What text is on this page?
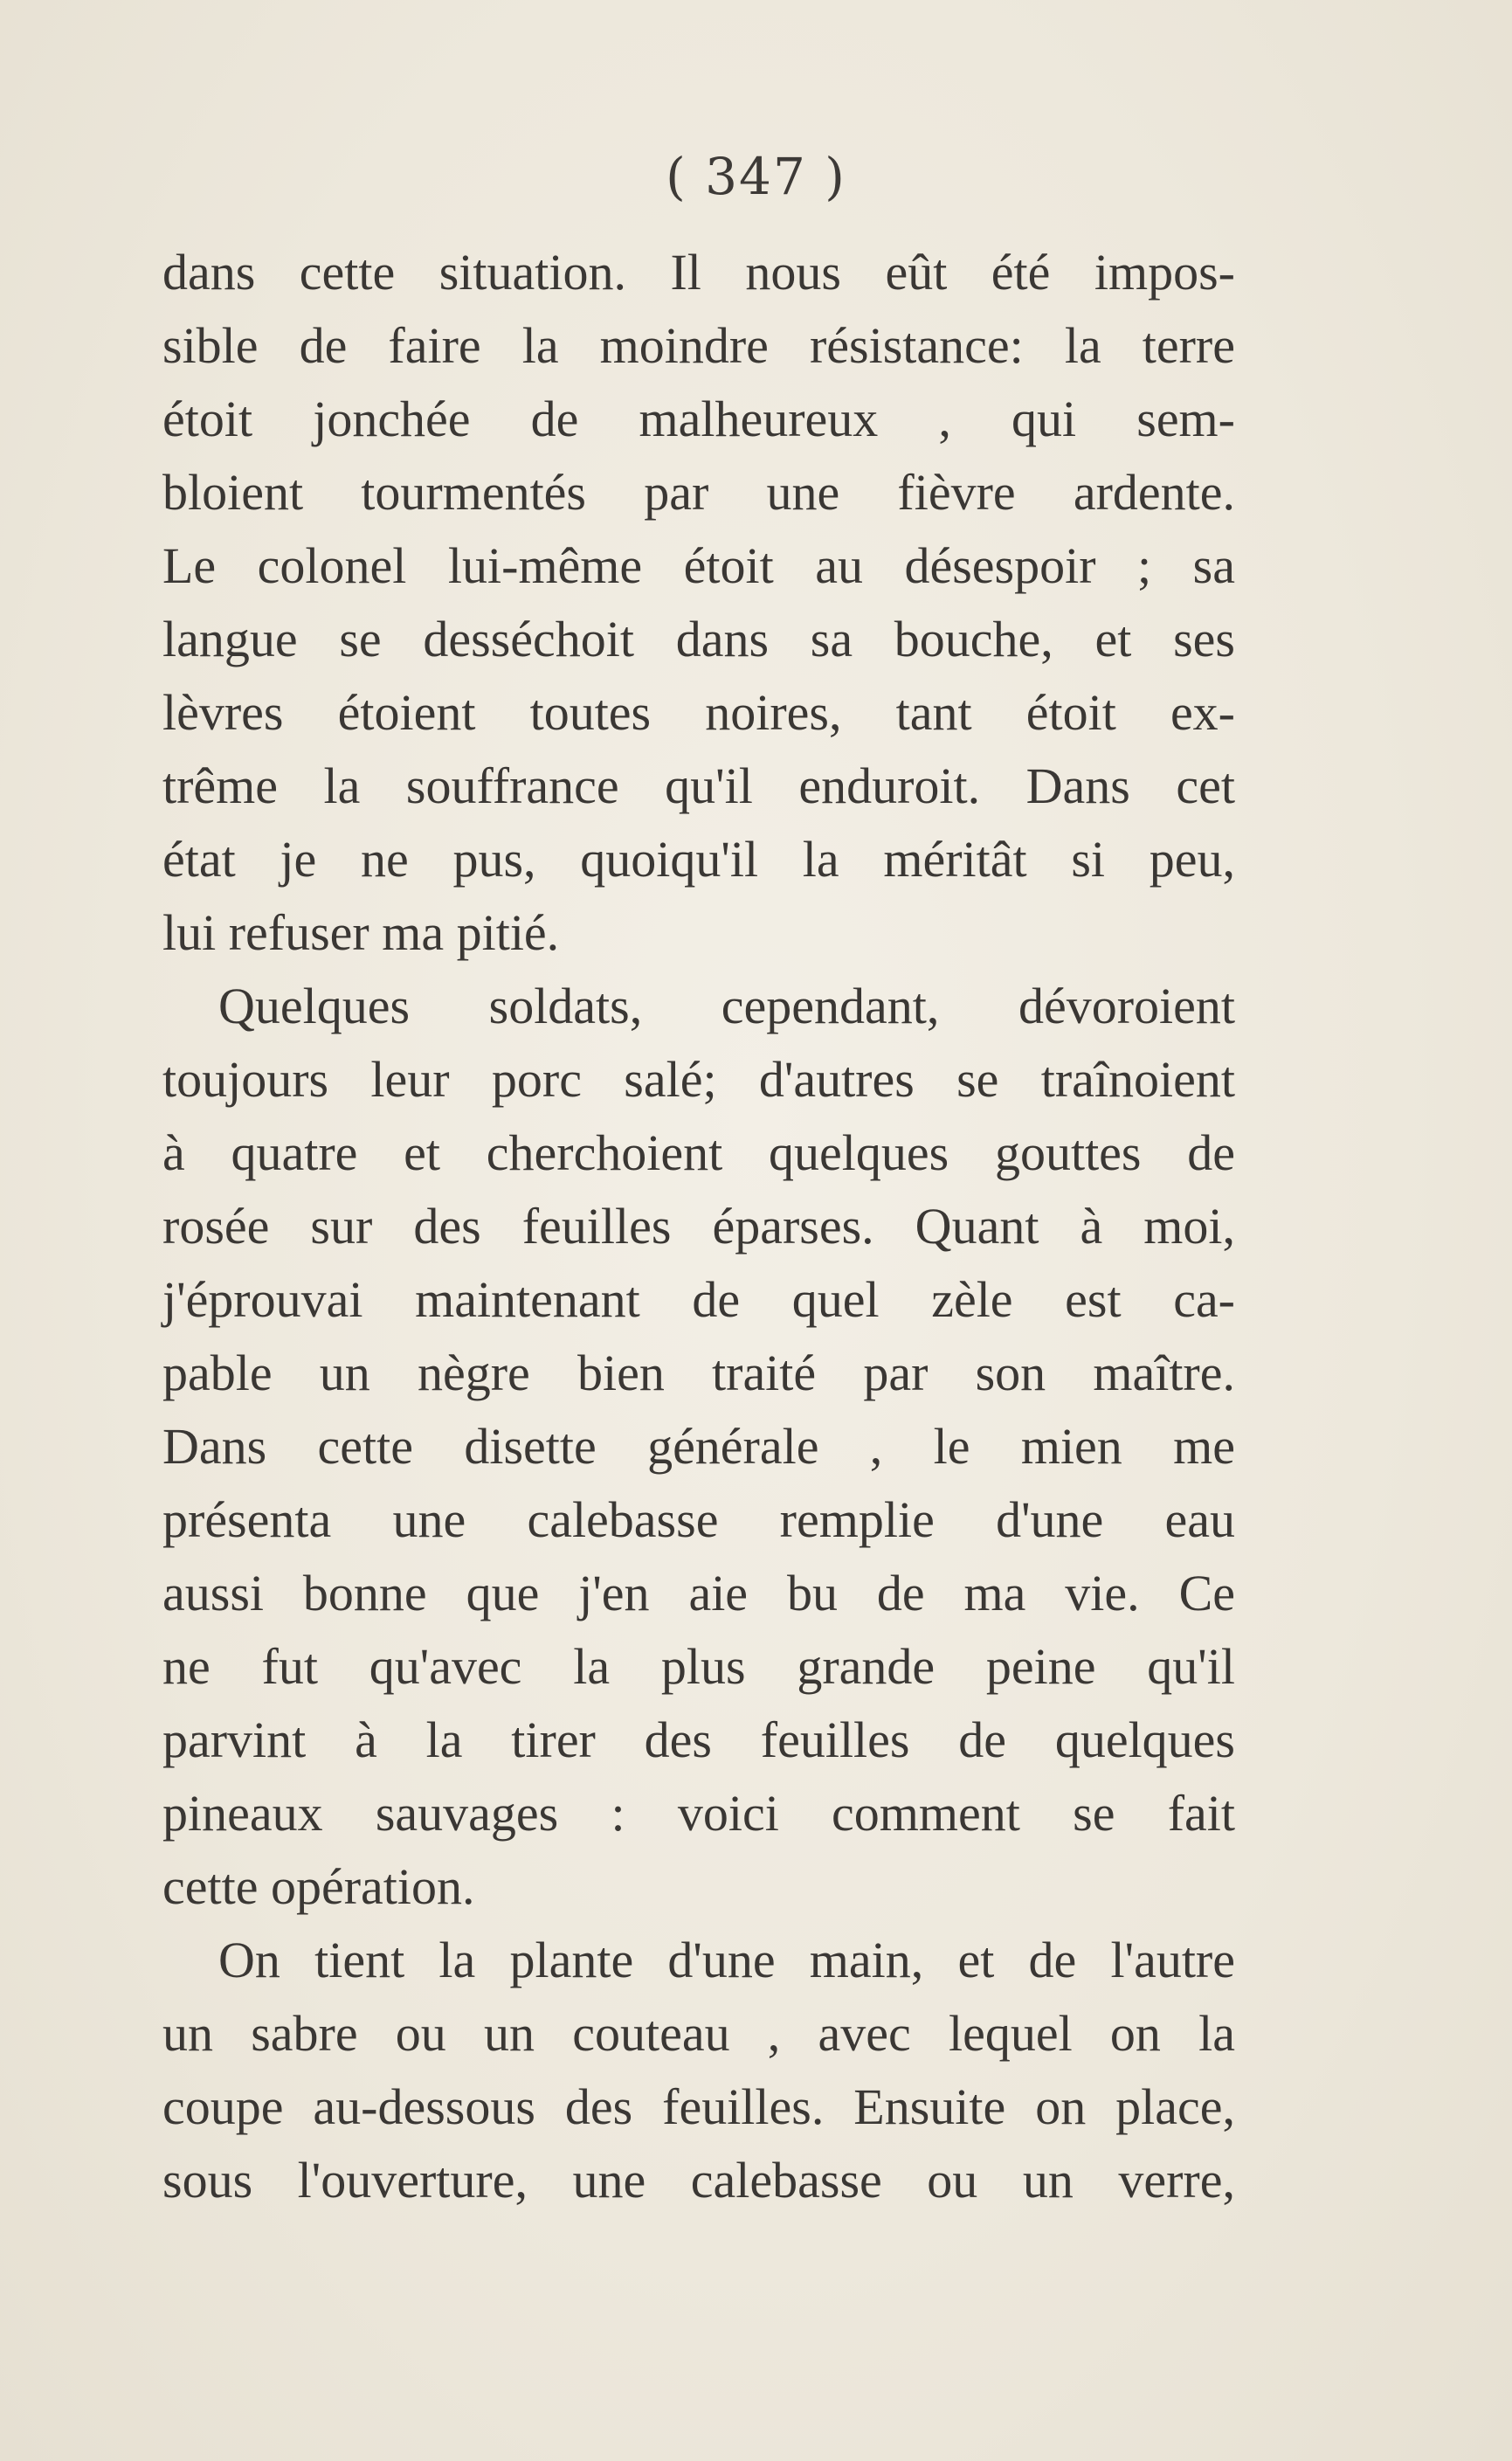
( 347 )
dans cette situation. Il nous eût été impos-
sible de faire la moindre résistance: la terre
étoit jonchée de malheureux , qui sem-
bloient tourmentés par une fièvre ardente.
Le colonel lui-même étoit au désespoir ; sa
langue se desséchoit dans sa bouche, et ses
lèvres étoient toutes noires, tant étoit ex-
trême la souffrance qu'il enduroit. Dans cet
état je ne pus, quoiqu'il la méritât si peu,
lui refuser ma pitié.
Quelques soldats, cependant, dévoroient
toujours leur porc salé; d'autres se traînoient
à quatre et cherchoient quelques gouttes de
rosée sur des feuilles éparses. Quant à moi,
j'éprouvai maintenant de quel zèle est ca-
pable un nègre bien traité par son maître.
Dans cette disette générale , le mien me
présenta une calebasse remplie d'une eau
aussi bonne que j'en aie bu de ma vie. Ce
ne fut qu'avec la plus grande peine qu'il
parvint à la tirer des feuilles de quelques
pineaux sauvages : voici comment se fait
cette opération.
On tient la plante d'une main, et de l'autre
un sabre ou un couteau , avec lequel on la
coupe au-dessous des feuilles. Ensuite on place,
sous l'ouverture, une calebasse ou un verre,
